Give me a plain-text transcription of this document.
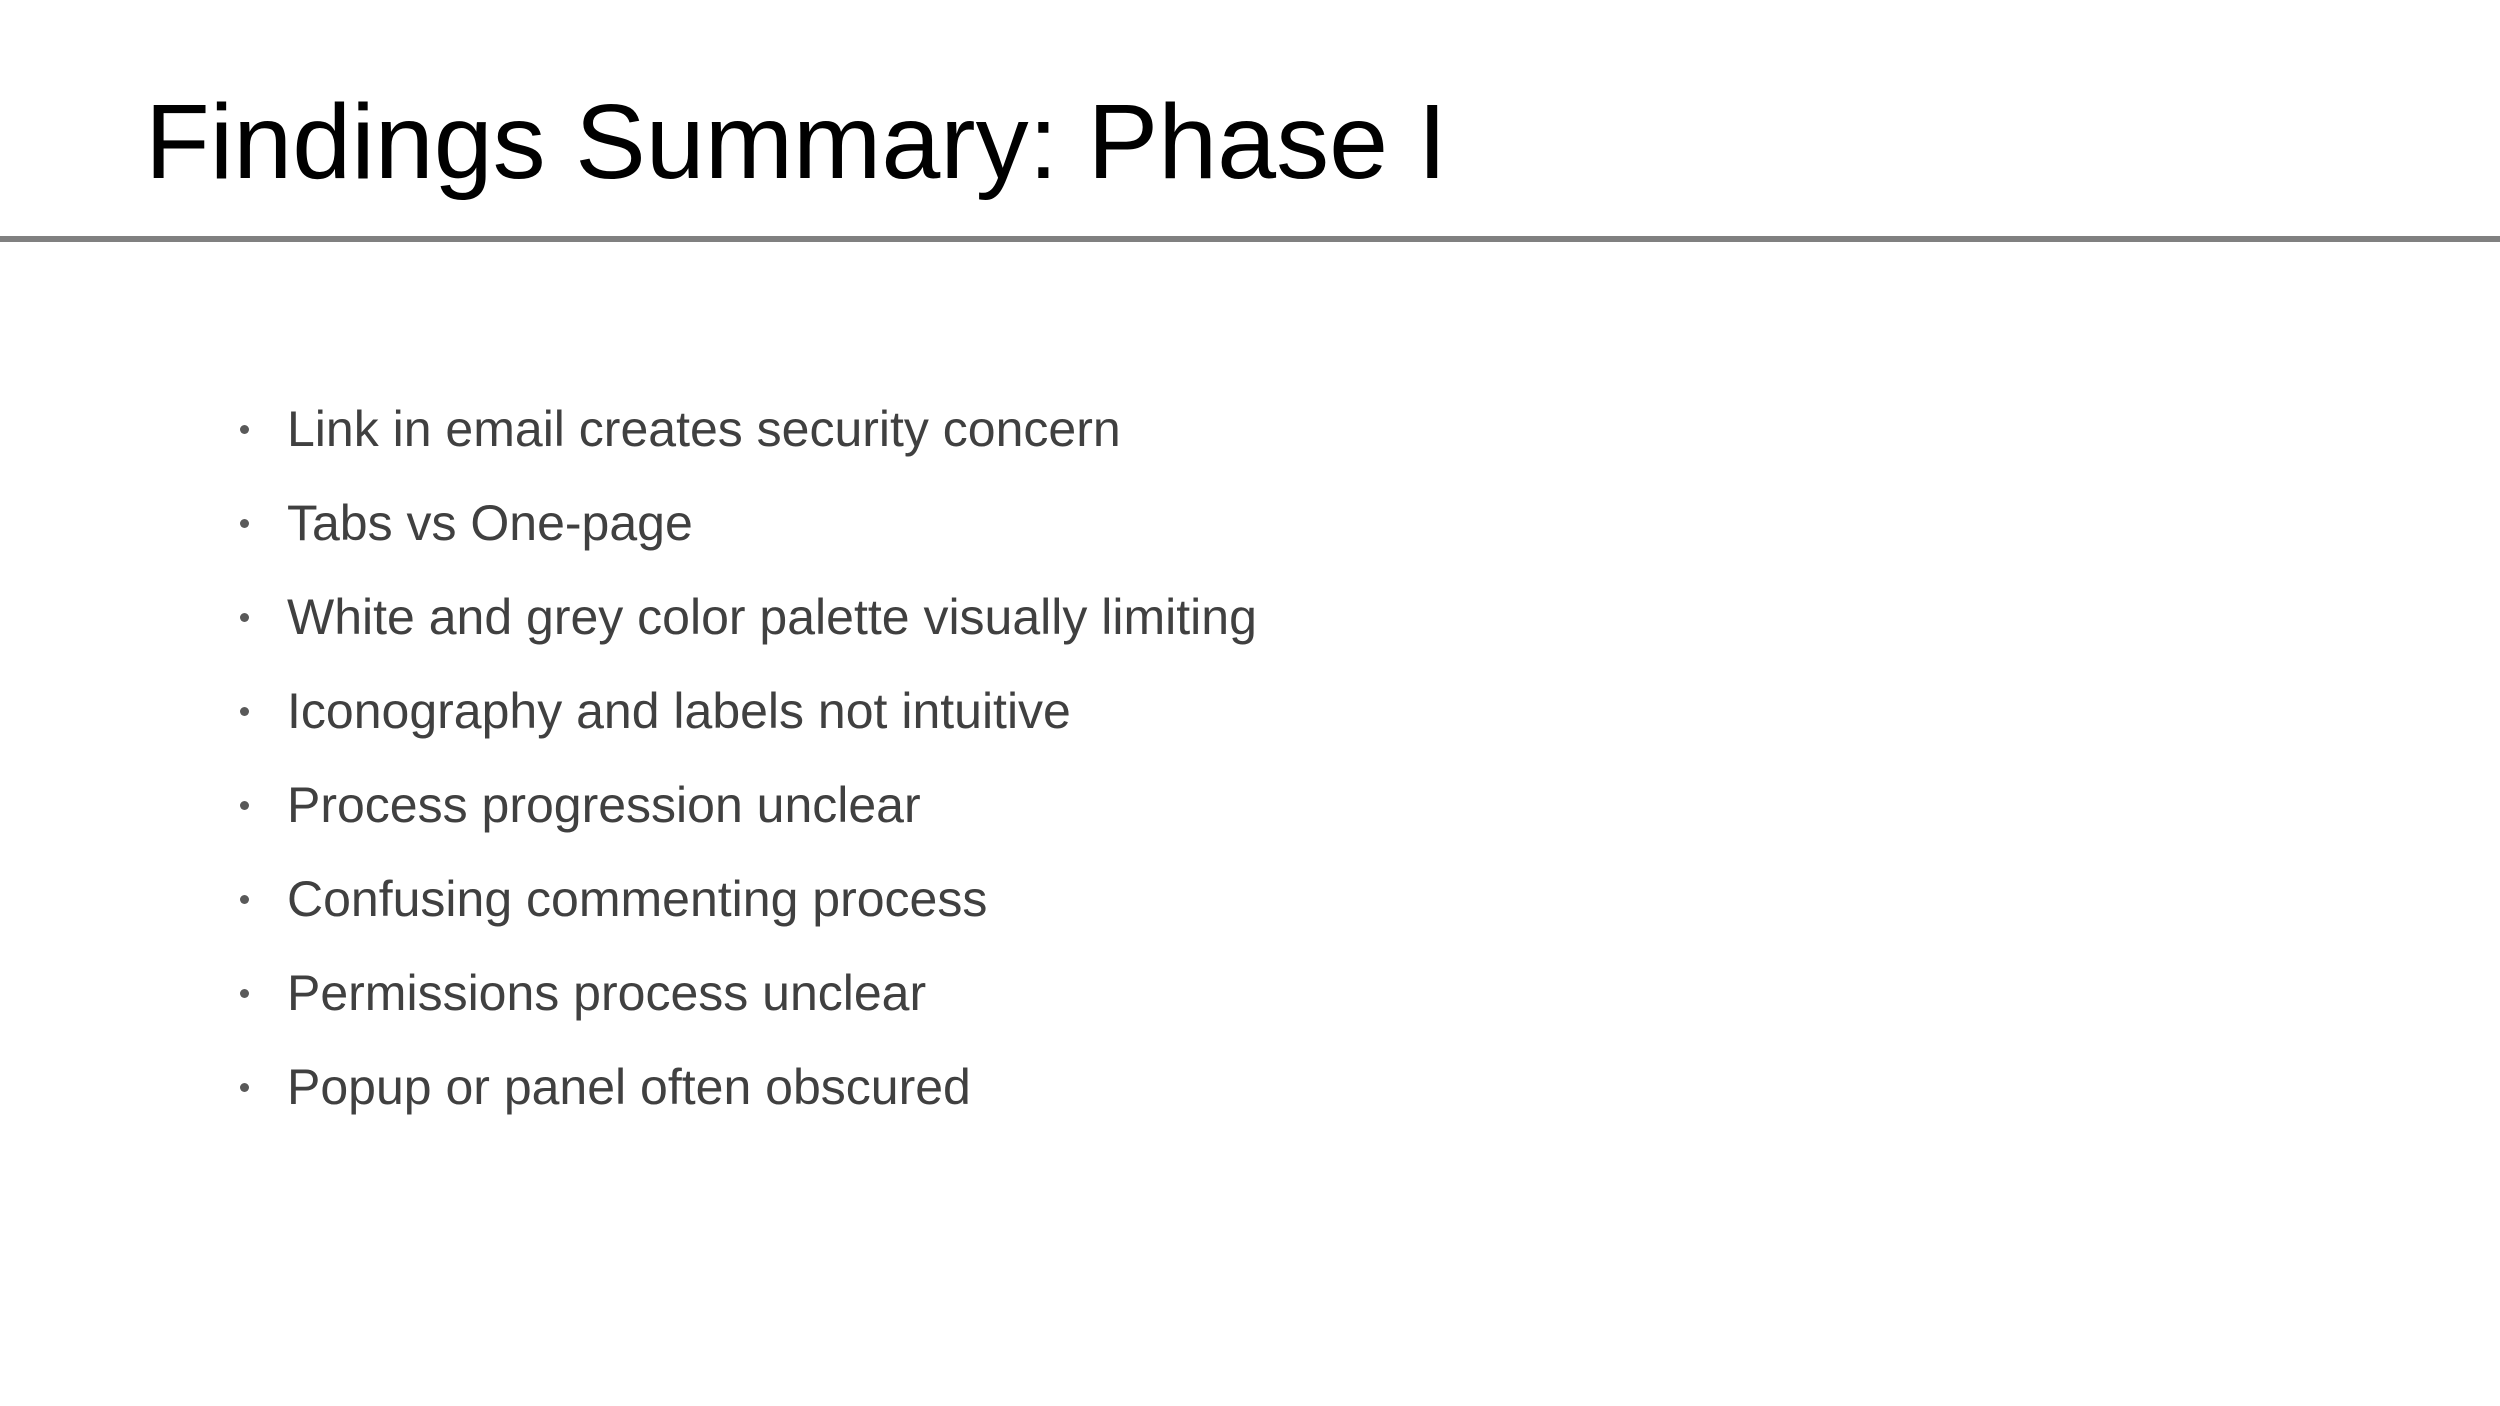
Findings Summary: Phase I
Link in email creates security concern
Tabs vs One-page
White and grey color palette visually limiting
Iconography and labels not intuitive
Process progression unclear
Confusing commenting process
Permissions process unclear
Popup or panel often obscured
